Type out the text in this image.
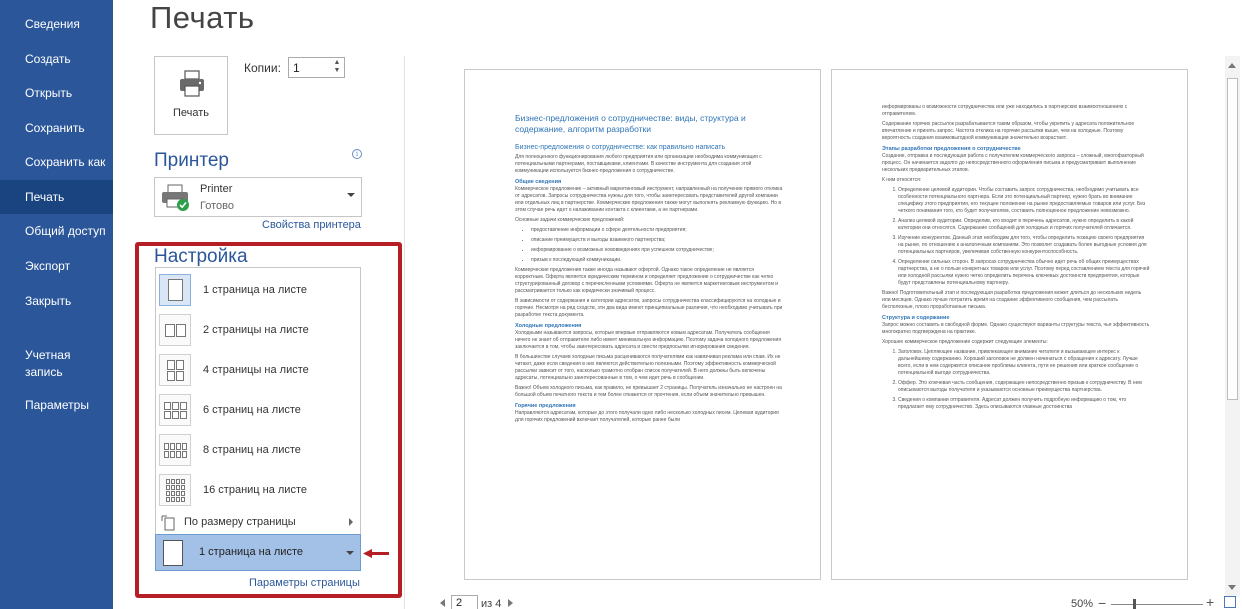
Сведения
Создать
Открыть
Сохранить
Сохранить как
Печать
Общий доступ
Экспорт
Закрыть
Учетная запись
Параметры
Печать
Печать
Копии: 1	▲
▼
Принтер	i
Printer
Готово
Свойства принтера
Настройка
1 страница на листе
2 страницы на листе
4 страницы на листе
6 страниц на листе
8 страниц на листе
16 страниц на листе
По размеру страницы
1 страница на листе
Параметры страницы
Бизнес-предложения о сотрудничестве: виды, структура и содержание, алгоритм разработки
Бизнес-предложения о сотрудничестве: как правильно написать

Для полноценного функционирования любого предприятия или организации необходима коммуникация с потенциальными партнерами, поставщиками, клиентами. В качестве инструмента для создания этой коммуникации используется бизнес-предложения о сотрудничестве.

Общие сведения

Коммерческое предложение – активный маркетинговый инструмент, направленный на получение прямого отклика от адресатов. Запросы сотрудничества нужны для того, чтобы заинтересовать представителей другой компании или отдельных лиц в партнерстве. Коммерческие предложения также могут выполнять рекламную функцию. Но в этом случае речь идет о налаживании контакта с клиентами, а не партнерами.

Основные задачи коммерческих предложений:

• предоставление информации о сфере деятельности предприятия;
• описание преимуществ и выгоды взаимного партнерства;
• информирование о возможных нововведениях при успешном сотрудничестве;
• призыв к последующей коммуникации.

Коммерческие предложения также иногда называют офертой. Однако такое определение не является корректным. Оферта является юридическим термином и определяет предложение о сотрудничестве как четко структурированный договор с перечисленными условиями. Оферта не является маркетинговым инструментом и рассматривается только как юридически значимый процесс.

В зависимости от содержания и категории адресатов, запросы сотрудничества классифицируются на холодные и горячие. Несмотря на ряд сходств, эти два вида имеют принципиальные различия, что необходимо учитывать при разработке текста документа.

Холодные предложения

Холодными называются запросы, которые впервые отправляются новым адресатам. Получатель сообщения ничего не знает об отправителе либо имеет минимальную информацию. Поэтому задача холодного предложения заключается в том, чтобы заинтересовать адресата и свести предпосылки игнорирования сведения.

В большинстве случаев холодные письма расцениваются получателями как навязчивая реклама или спам. Их не читают, даже если сведения в них являются действительно полезными. Поэтому эффективность коммерческой рассылки зависит от того, насколько грамотно отобран список получателей. В него должны быть включены адресаты, потенциально заинтересованные в том, о чем идет речь в сообщении.

Важно! Объем холодного письма, как правило, не превышает 2 страницы. Получатель изначально не настроен на большой объем печатного текста и тем более откажется от прочтения, если объем значительно превышен.

Горячие предложения

Направляются адресатам, которые до этого получали одно либо несколько холодных писем. Целевая аудитория для горячих предложений включает получателей, которые ранее были

информированы о возможности сотрудничества или уже находились в партнерских взаимоотношениях с отправителем.

Содержание горячих рассылок разрабатывается таким образом, чтобы укрепить у адресата положительное впечатление и принять запрос. Частота отклика на горячие рассылки выше, чем на холодные. Поэтому вероятность создания взаимовыгодной коммуникации значительно возрастает.

Этапы разработки предложения о сотрудничестве

Создание, отправка и последующая работа с получателем коммерческого запроса – сложный, многофакторный процесс. Он начинается задолго до непосредственного оформления письма и предусматривает выполнение нескольких предварительных этапов.

К ним относятся:

1. Определение целевой аудитории. Чтобы составить запрос сотрудничества, необходимо учитывать все особенности потенциального партнера. Если это потенциальный партнер, нужно брать во внимание специфику этого предприятия, его текущее положение на рынке предоставляемых товаров или услуг. Без четкого понимания того, кто будет получателем, составить полноценное предложение невозможно.
2. Анализ целевой аудитории. Определив, кто входит в перечень адресатов, нужно определить в какой категории они относятся. Содержание сообщений для холодных и горячих получателей отличается.
3. Изучение конкурентов. Данный этап необходим для того, чтобы определить позицию своего предприятия на рынке, по отношению к аналогичным компаниям. Это позволит создавать более выгодные условия для потенциальных партнеров, увеличивая собственную конкурентоспособность.
4. Определение сильных сторон. В запросах сотрудничества обычно идет речь об общих преимуществах партнерства, а не о пользе конкретных товаров или услуг. Поэтому перед составлением текста для горячей или холодной рассылки нужно четко определить перечень ключевых достоинств предприятия, которые будут представлены потенциальному партнеру.

Важно! Подготовительный этап и последующая разработка предложения может длиться до нескольких недель или месяцев. Однако лучше потратить время на создание эффективного сообщения, чем рассылать бесполезные, плохо проработанные письма.

Структура и содержание

Запрос можно составить в свободной форме. Однако существуют варианты структуры текста, чья эффективность многократно подтверждена на практике.

Хорошее коммерческое предложение содержит следующие элементы:

1. Заголовок. Цепляющее название, привлекающее внимание читателя и вызывающее интерес к дальнейшему содержанию. Хороший заголовок не должен начинаться с обращения к адресату. Лучше всего, если в нем содержится описание проблемы клиента, пути ее решения или краткое сообщение о потенциальной выгоде сотрудничества.
2. Оффер. Это ключевая часть сообщения, содержащее непосредственно призыв к сотрудничеству. В нем описываются выгоды получателя и указываются основные преимущества партнерства.
3. Сведения о компании отправителя. Адресат должен получить подробную информацию о том, что предлагает ему сотрудничество. Здесь описываются главные достоинства
2	из 4	50% −	+
